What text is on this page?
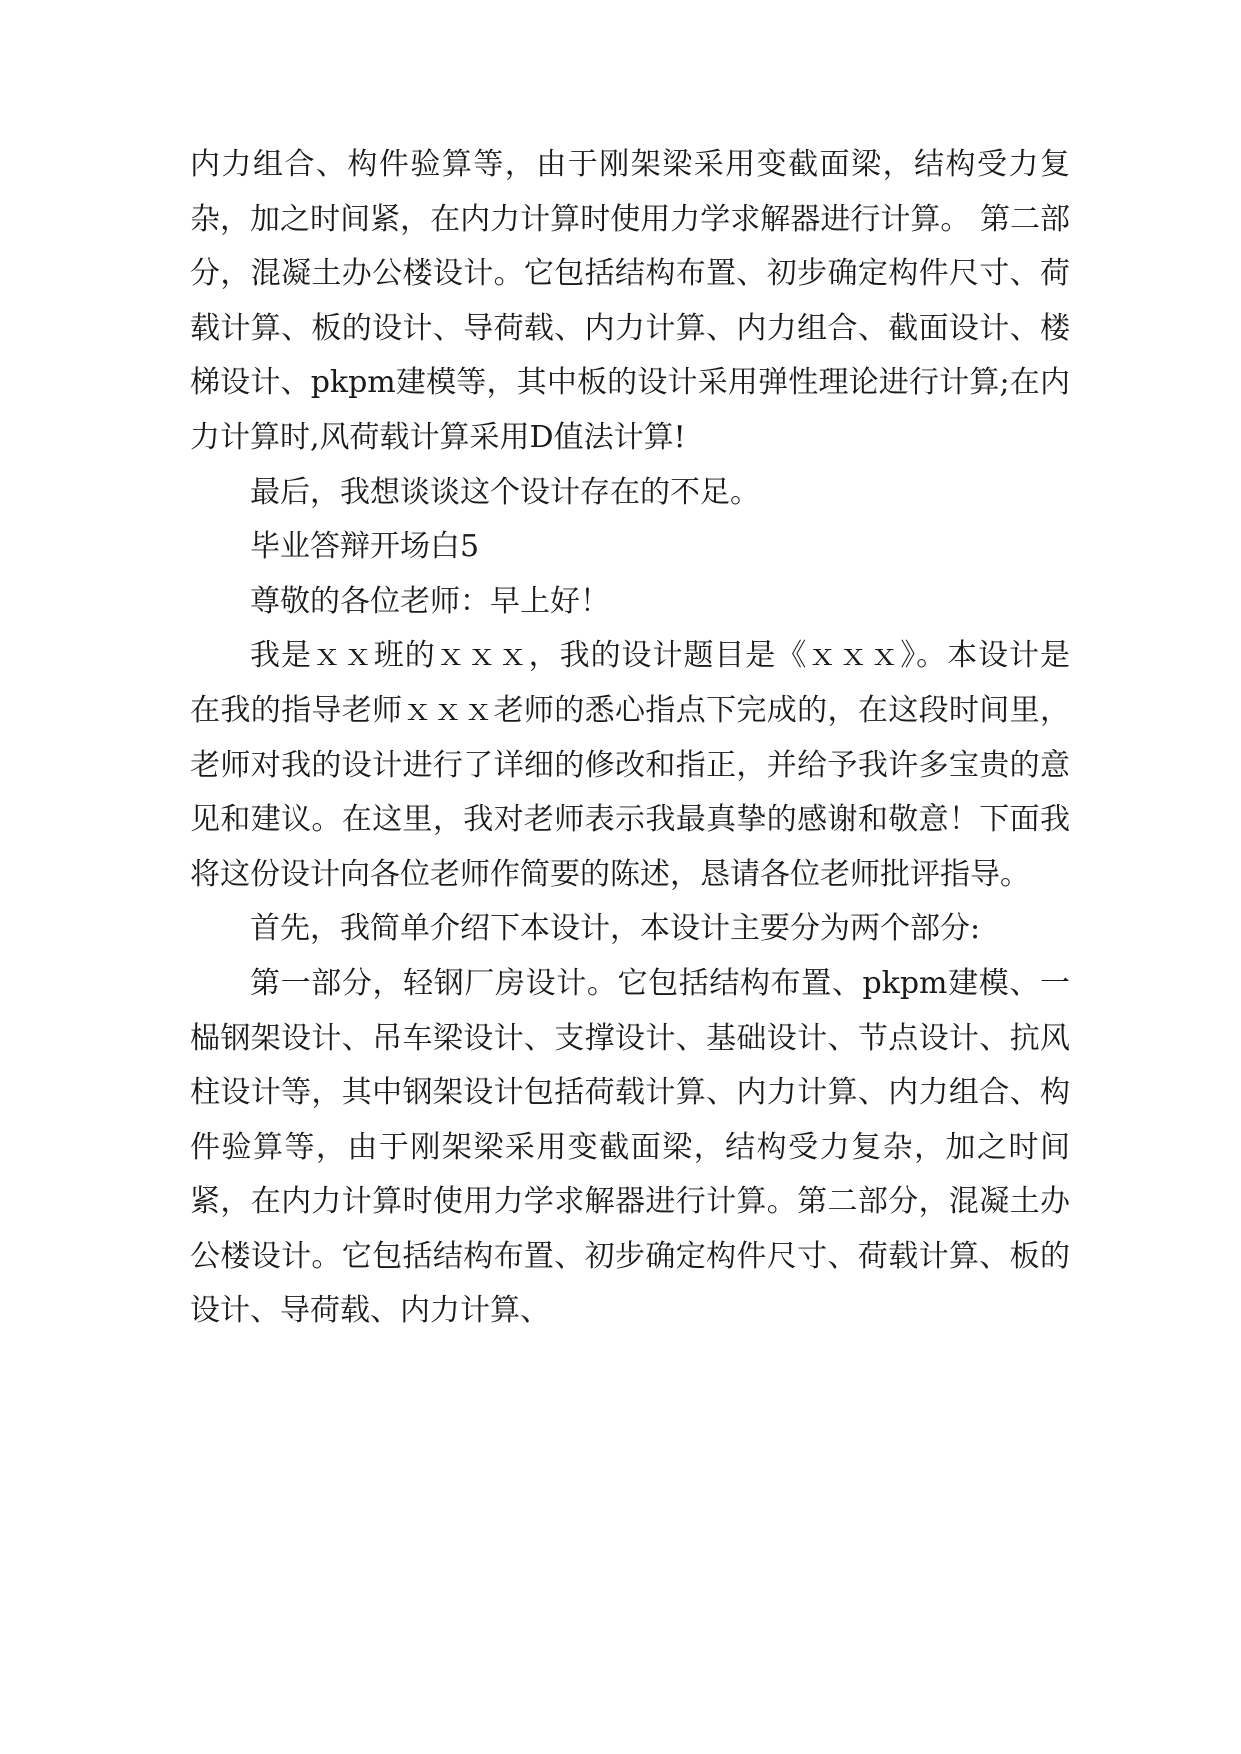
内力组合、构件验算等，由于刚架梁采用变截面梁，结构受力复杂，加之时间紧，在内力计算时使用力学求解器进行计算。 第二部分，混凝土办公楼设计。它包括结构布置、初步确定构件尺寸、荷载计算、板的设计、导荷载、内力计算、内力组合、截面设计、楼梯设计、pkpm建模等，其中板的设计采用弹性理论进行计算;在内力计算时,风荷载计算采用D值法计算!

最后，我想谈谈这个设计存在的不足。

毕业答辩开场白5

尊敬的各位老师：早上好！

我是ｘｘ班的ｘｘｘ，我的设计题目是《ｘｘｘ》。本设计是在我的指导老师ｘｘｘ老师的悉心指点下完成的，在这段时间里，老师对我的设计进行了详细的修改和指正，并给予我许多宝贵的意见和建议。在这里，我对老师表示我最真挚的感谢和敬意！下面我将这份设计向各位老师作简要的陈述，恳请各位老师批评指导。

首先，我简单介绍下本设计，本设计主要分为两个部分:

第一部分，轻钢厂房设计。它包括结构布置、pkpm建模、一榀钢架设计、吊车梁设计、支撑设计、基础设计、节点设计、抗风柱设计等，其中钢架设计包括荷载计算、内力计算、内力组合、构件验算等，由于刚架梁采用变截面梁，结构受力复杂，加之时间紧，在内力计算时使用力学求解器进行计算。第二部分，混凝土办公楼设计。它包括结构布置、初步确定构件尺寸、荷载计算、板的设计、导荷载、内力计算、
